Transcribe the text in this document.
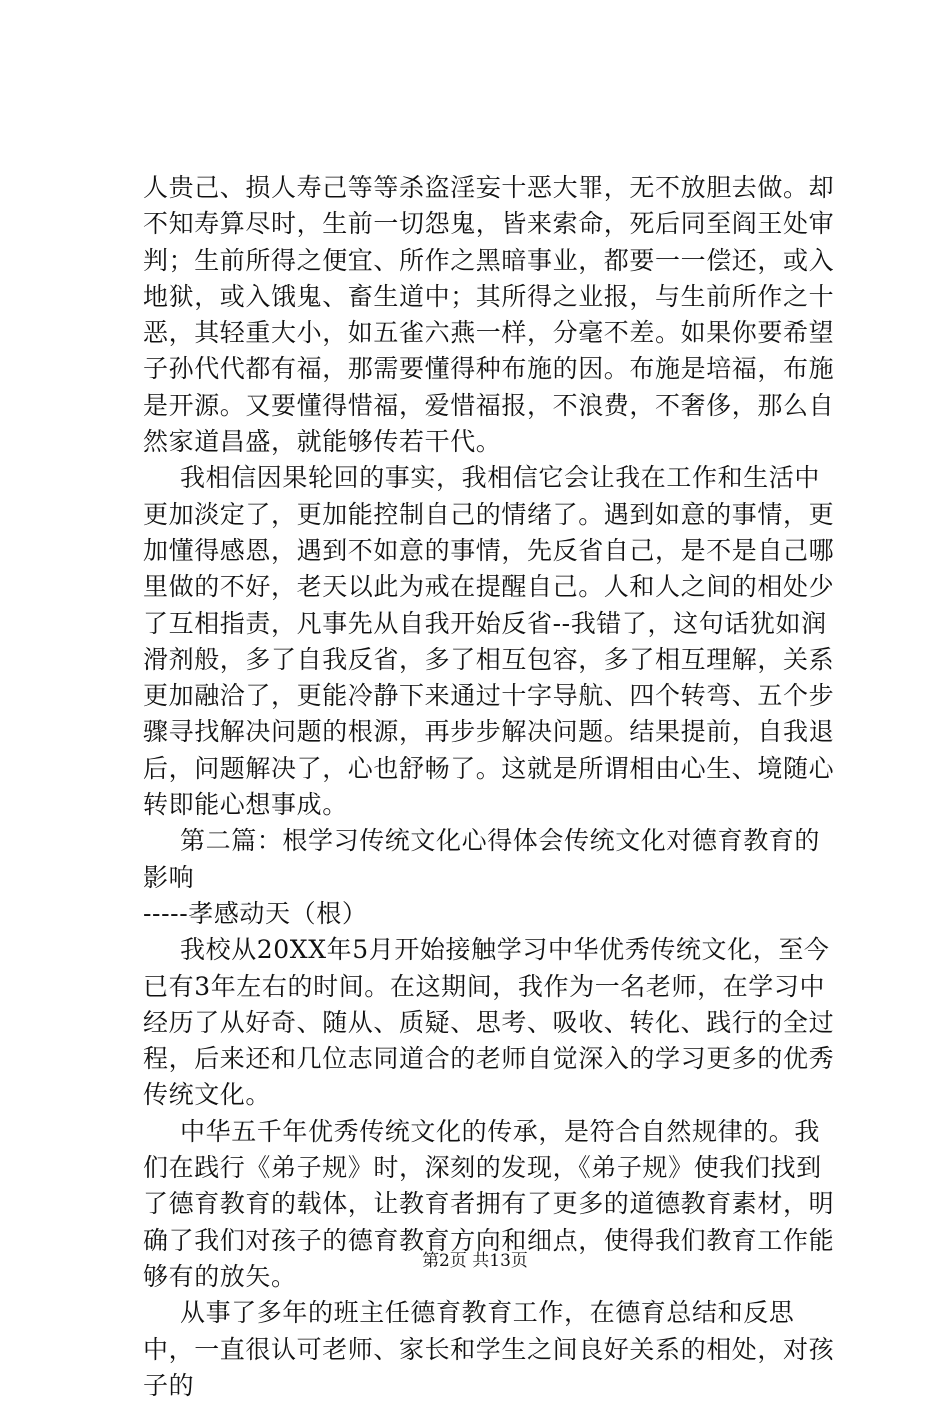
人贵己、损人寿己等等杀盗淫妄十恶大罪，无不放胆去做。却不知寿算尽时，生前一切怨鬼，皆来索命，死后同至阎王处审判；生前所得之便宜、所作之黑暗事业，都要一一偿还，或入地狱，或入饿鬼、畜生道中；其所得之业报，与生前所作之十恶，其轻重大小，如五雀六燕一样，分毫不差。如果你要希望子孙代代都有福，那需要懂得种布施的因。布施是培福，布施是开源。又要懂得惜福，爱惜福报，不浪费，不奢侈，那么自然家道昌盛，就能够传若干代。

我相信因果轮回的事实，我相信它会让我在工作和生活中更加淡定了，更加能控制自己的情绪了。遇到如意的事情，更加懂得感恩，遇到不如意的事情，先反省自己，是不是自己哪里做的不好，老天以此为戒在提醒自己。人和人之间的相处少了互相指责，凡事先从自我开始反省--我错了，这句话犹如润滑剂般，多了自我反省，多了相互包容，多了相互理解，关系更加融洽了，更能冷静下来通过十字导航、四个转弯、五个步骤寻找解决问题的根源，再步步解决问题。结果提前，自我退后，问题解决了，心也舒畅了。这就是所谓相由心生、境随心转即能心想事成。

第二篇：根学习传统文化心得体会传统文化对德育教育的影响

-----孝感动天（根）

我校从20XX年5月开始接触学习中华优秀传统文化，至今已有3年左右的时间。在这期间，我作为一名老师，在学习中经历了从好奇、随从、质疑、思考、吸收、转化、践行的全过程，后来还和几位志同道合的老师自觉深入的学习更多的优秀传统文化。

中华五千年优秀传统文化的传承，是符合自然规律的。我们在践行《弟子规》时，深刻的发现，《弟子规》使我们找到了德育教育的载体，让教育者拥有了更多的道德教育素材，明确了我们对孩子的德育教育方向和细点，使得我们教育工作能够有的放矢。

从事了多年的班主任德育教育工作，在德育总结和反思中，一直很认可老师、家长和学生之间良好关系的相处，对孩子的

第2页 共13页
